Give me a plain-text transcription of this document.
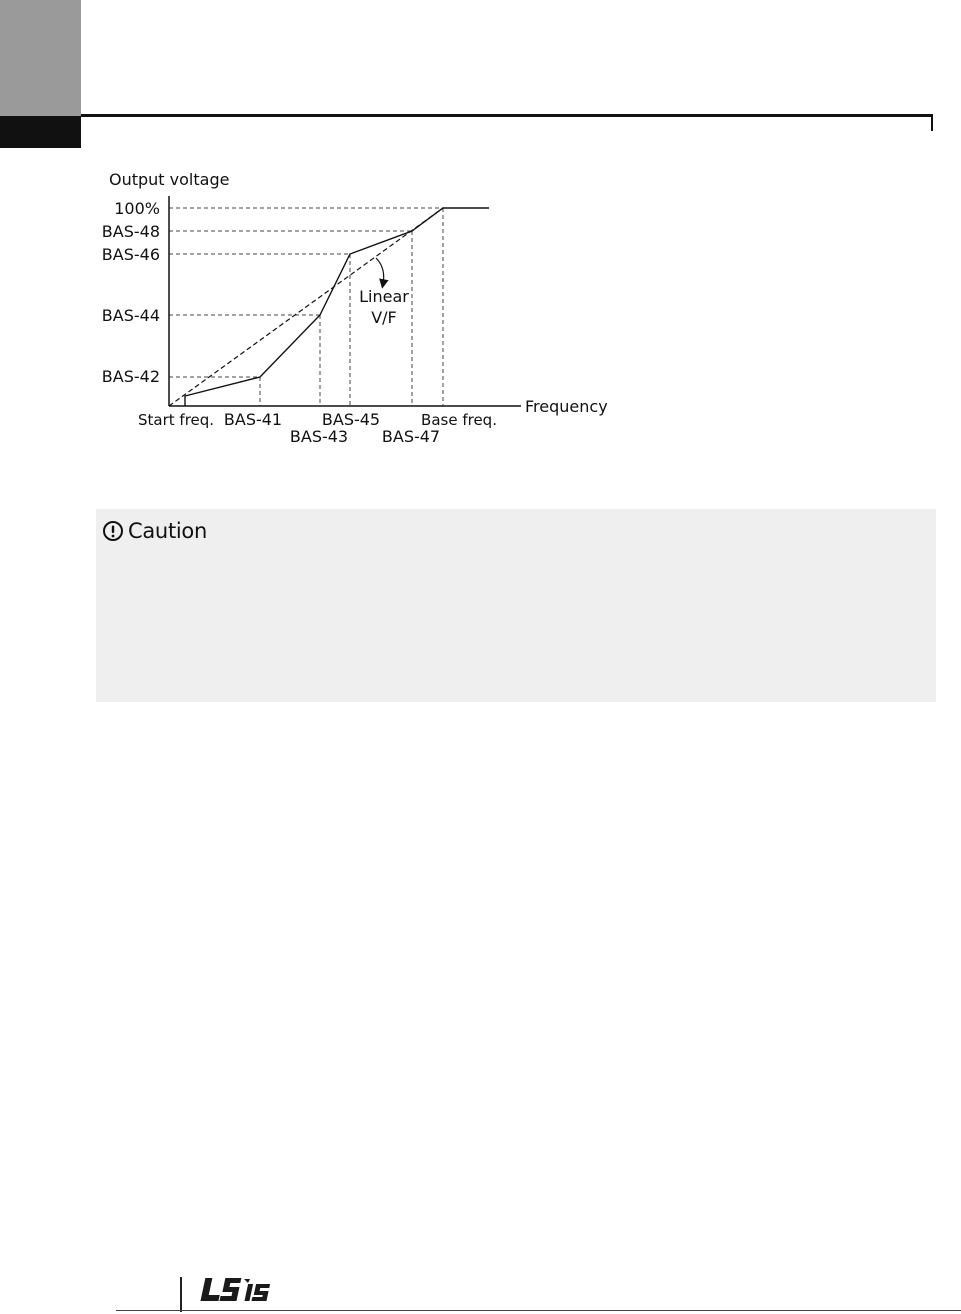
Output voltage
Frequency
100%
BAS-48
BAS-46
BAS-44
BAS-42
Start freq. BAS-41
BAS-43
BAS-45
BAS-47
Base freq.
Linear
V/F
Caution
